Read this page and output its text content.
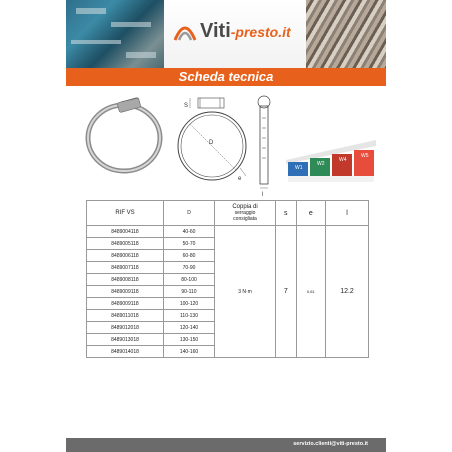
Viti-presto.it
Scheda tecnica
S
D
e
l
W1
W2
W4
W5
RIF VS	D	Coppia di
serraggio
consigliata	s	e	l
8489004118	40-60	3 N·m	7	0,61	12.2
8489005118	50-70				
8489006118	60-80				
8489007118	70-90				
8489008118	80-100				
8489009118	90-110				
8489009118	100-120				
8489011018	110-130				
8489012018	120-140				
8489013018	130-150				
8489014018	140-160				
servizio.clienti@viti-presto.it
